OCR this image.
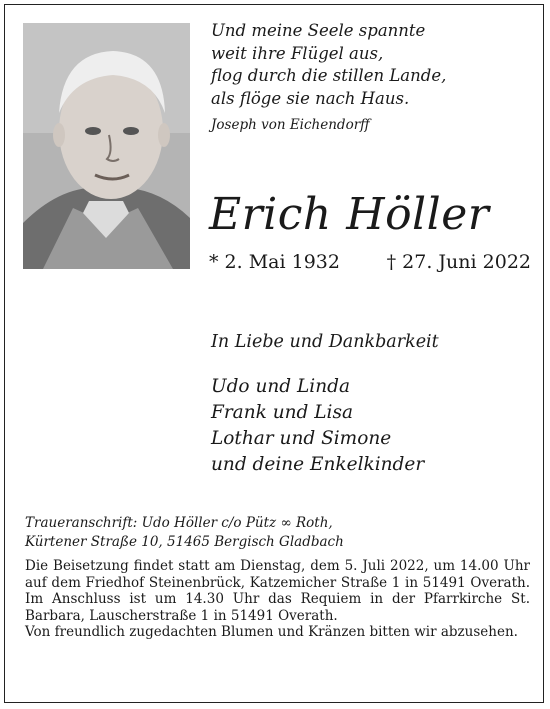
Und meine Seele spannte
weit ihre Flügel aus,
flog durch die stillen Lande,
als flöge sie nach Haus.
Joseph von Eichendorff
Erich Höller
* 2. Mai 1932 † 27. Juni 2022
In Liebe und Dankbarkeit
Udo und Linda
Frank und Lisa
Lothar und Simone
und deine Enkelkinder
Traueranschrift: Udo Höller c/o Pütz ∞ Roth,
Kürtener Straße 10, 51465 Bergisch Gladbach

Die Beisetzung findet statt am Dienstag, dem 5. Juli 2022, um 14.00 Uhr auf dem Friedhof Steinenbrück, Katzemicher Straße 1 in 51491 Overath. Im Anschluss ist um 14.30 Uhr das Requiem in der Pfarrkirche St. Barbara, Lauscherstraße 1 in 51491 Overath.

Von freundlich zugedachten Blumen und Kränzen bitten wir abzusehen.
